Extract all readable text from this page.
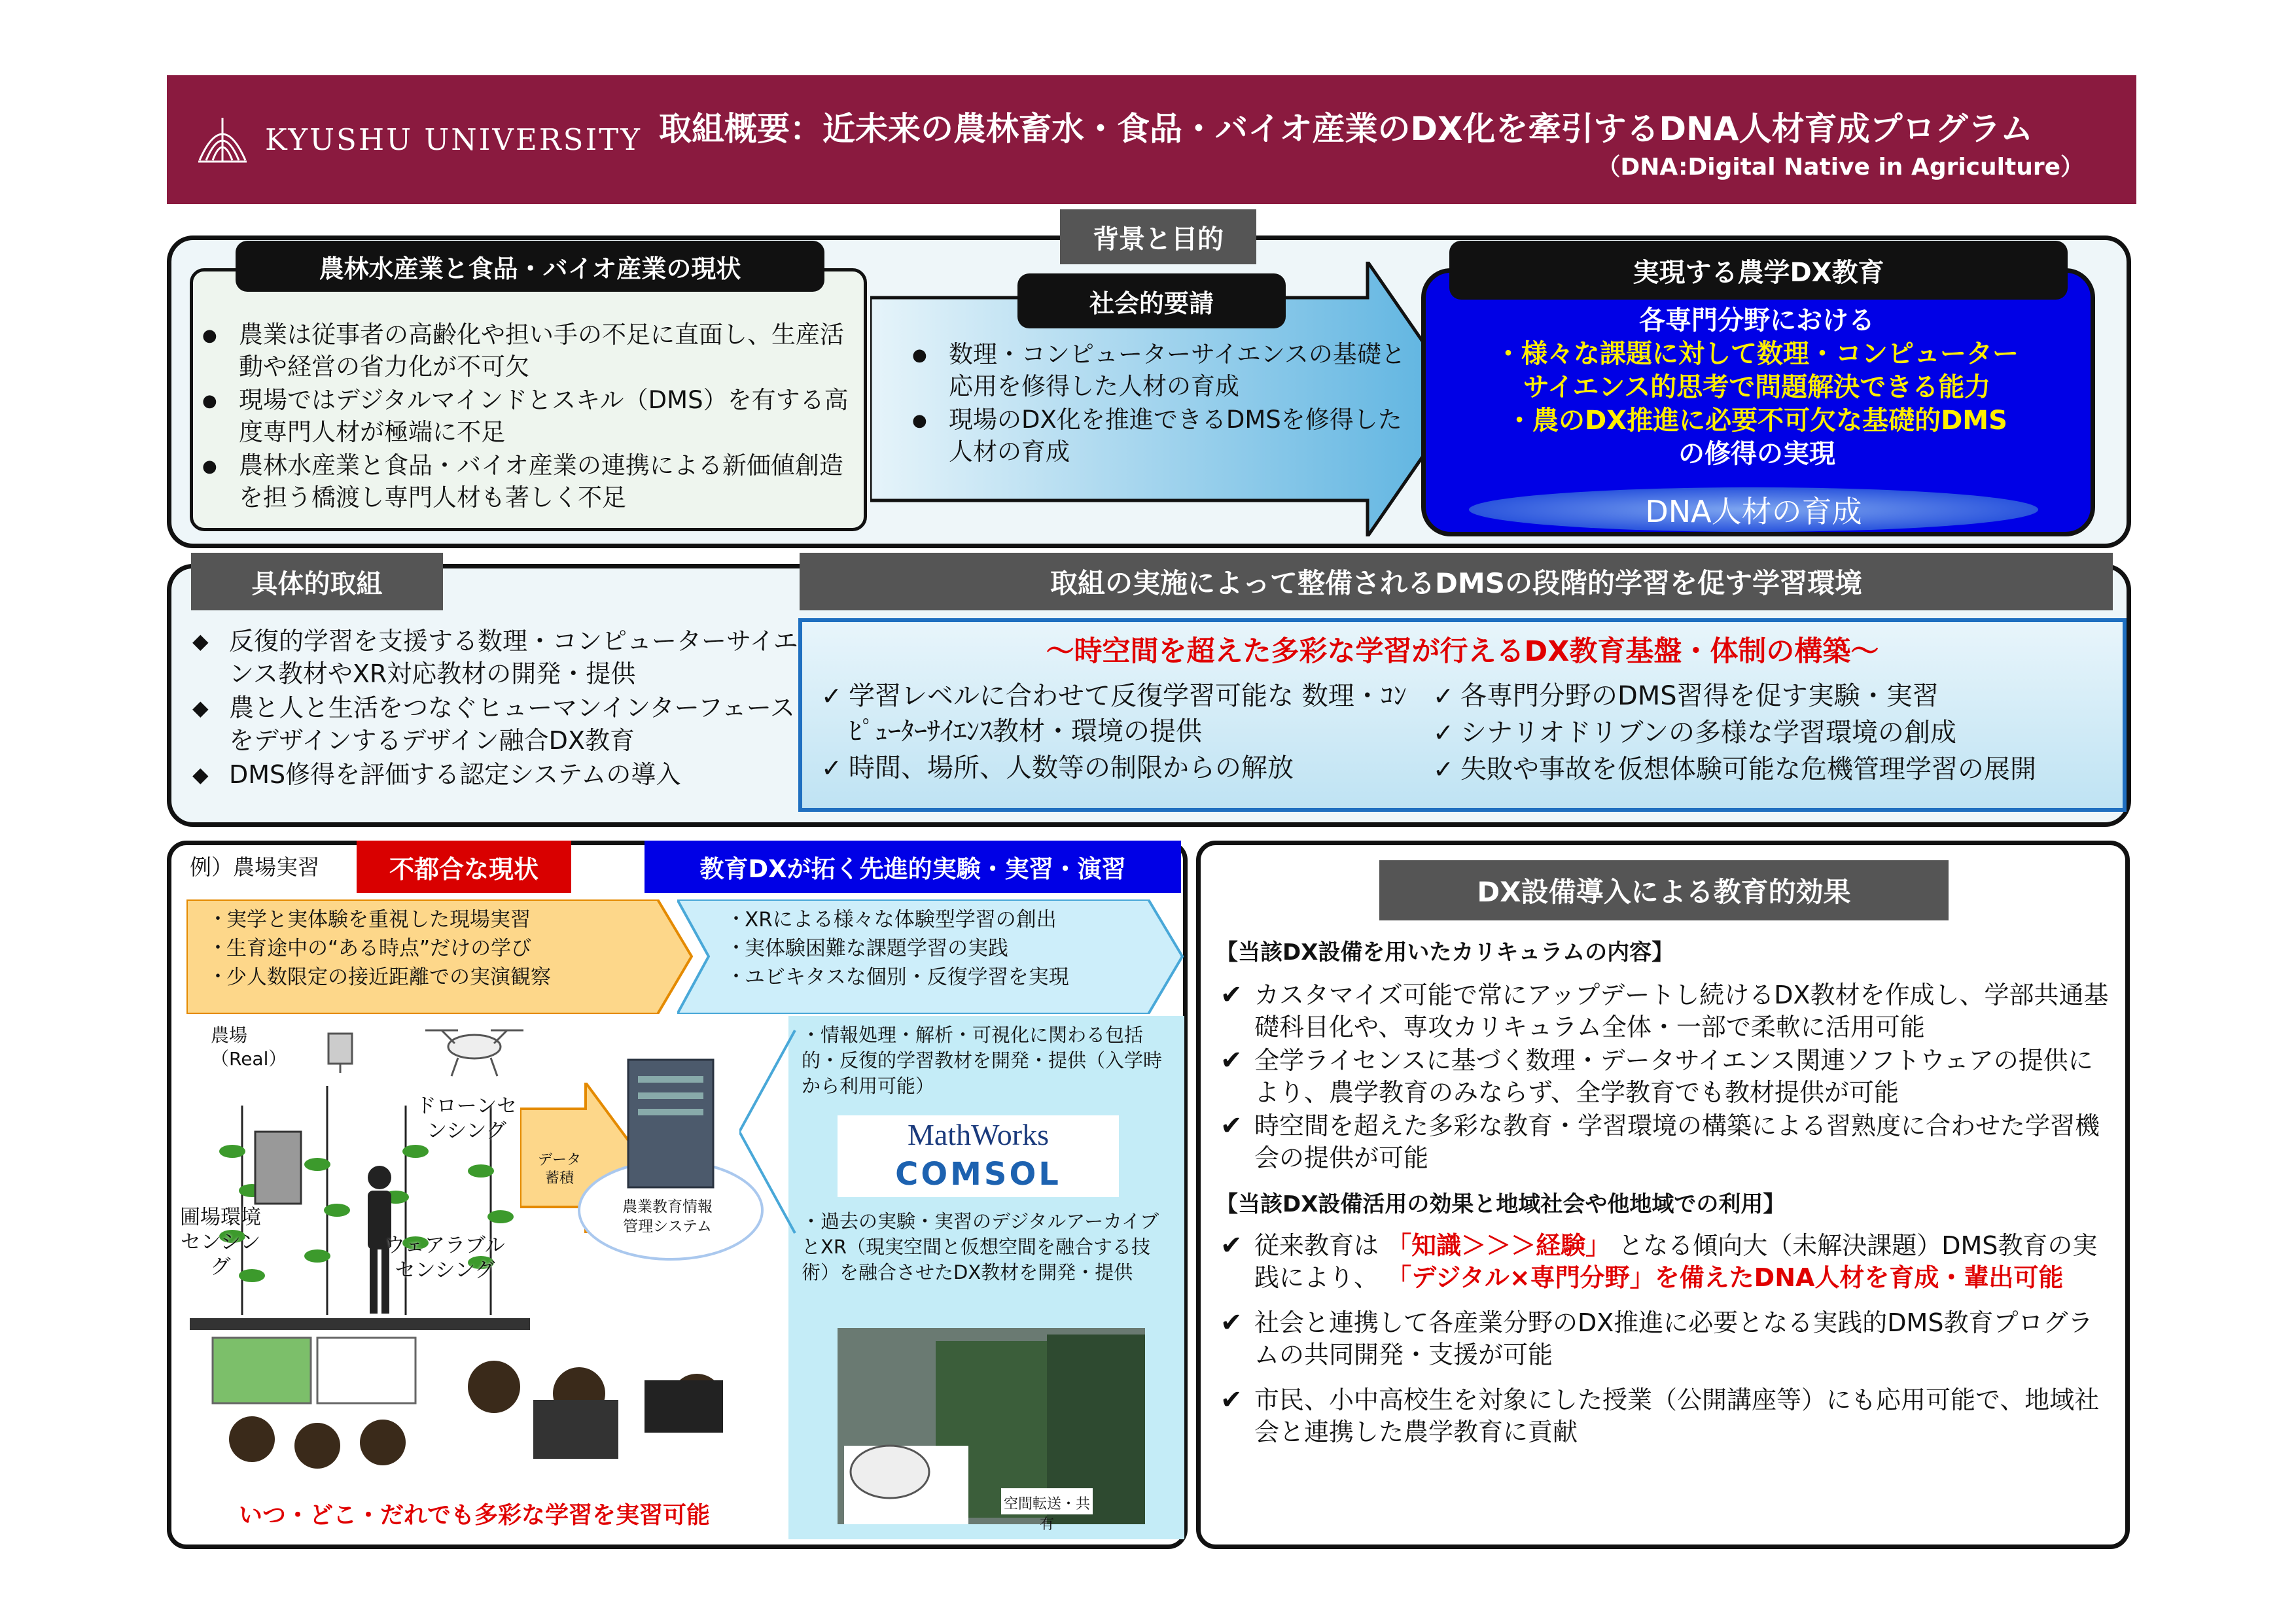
KYUSHU UNIVERSITY 取組概要：近未来の農林畜水・食品・バイオ産業のDX化を牽引するDNA人材育成プログラム
（DNA:Digital Native in Agriculture）
背景と目的
農林水産業と食品・バイオ産業の現状
● 農業は従事者の高齢化や担い手の不足に直面し、生産活動や経営の省力化が不可欠
● 現場ではデジタルマインドとスキル（DMS）を有する高度専門人材が極端に不足
● 農林水産業と食品・バイオ産業の連携による新価値創造を担う橋渡し専門人材も著しく不足
社会的要請
● 数理・コンピューターサイエンスの基礎と応用を修得した人材の育成
● 現場のDX化を推進できるDMSを修得した人材の育成
実現する農学DX教育
各専門分野における
・様々な課題に対して数理・コンピューター
サイエンス的思考で問題解決できる能力
・農のDX推進に必要不可欠な基礎的DMS
の修得の実現
DNA人材の育成
具体的取組
◆ 反復的学習を支援する数理・コンピューターサイエンス教材やXR対応教材の開発・提供
◆ 農と人と生活をつなぐヒューマンインターフェースをデザインするデザイン融合DX教育
◆ DMS修得を評価する認定システムの導入
取組の実施によって整備されるDMSの段階的学習を促す学習環境
～時空間を超えた多彩な学習が行えるDX教育基盤・体制の構築～
✓ 学習レベルに合わせて反復学習可能な 数理・ｺﾝﾋﾟｭｰﾀｰｻｲｴﾝｽ教材・環境の提供
✓ 時間、場所、人数等の制限からの解放
✓ 各専門分野のDMS習得を促す実験・実習
✓ シナリオドリブンの多様な学習環境の創成
✓ 失敗や事故を仮想体験可能な危機管理学習の展開
例）農場実習	不都合な現状	教育DXが拓く先進的実験・実習・演習
・ 実学と実体験を重視した現場実習
・ 生育途中の“ある時点”だけの学び
・ 少人数限定の接近距離での実演観察
・ XRによる様々な体験型学習の創出
・ 実体験困難な課題学習の実践
・ ユビキタスな個別・反復学習を実現
農場（Real）
ドローンセンシング
圃場環境センシング
ウェアラブルセンシング
データ蓄積
農業教育情報管理システム
・情報処理・解析・可視化に関わる包括的・反復的学習教材を開発・提供（入学時から利用可能）
MathWorks
COMSOL
・過去の実験・実習のデジタルアーカイブとXR（現実空間と仮想空間を融合する技術）を融合させたDX教材を開発・提供
空間転送・共有
いつ・どこ・だれでも多彩な学習を実習可能
DX設備導入による教育的効果
【当該DX設備を用いたカリキュラムの内容】
✔ カスタマイズ可能で常にアップデートし続けるDX教材を作成し、学部共通基礎科目化や、専攻カリキュラム全体・一部で柔軟に活用可能
✔ 全学ライセンスに基づく数理・データサイエンス関連ソフトウェアの提供により、農学教育のみならず、全学教育でも教材提供が可能
✔ 時空間を超えた多彩な教育・学習環境の構築による習熟度に合わせた学習機会の提供が可能
【当該DX設備活用の効果と地域社会や他地域での利用】
✔ 従来教育は 「知識＞＞＞経験」 となる傾向大（未解決課題）DMS教育の実践により、 「デジタル×専門分野」を備えたDNA人材を育成・輩出可能
✔ 社会と連携して各産業分野のDX推進に必要となる実践的DMS教育プログラムの共同開発・支援が可能
✔ 市民、小中高校生を対象にした授業（公開講座等）にも応用可能で、地域社会と連携した農学教育に貢献
